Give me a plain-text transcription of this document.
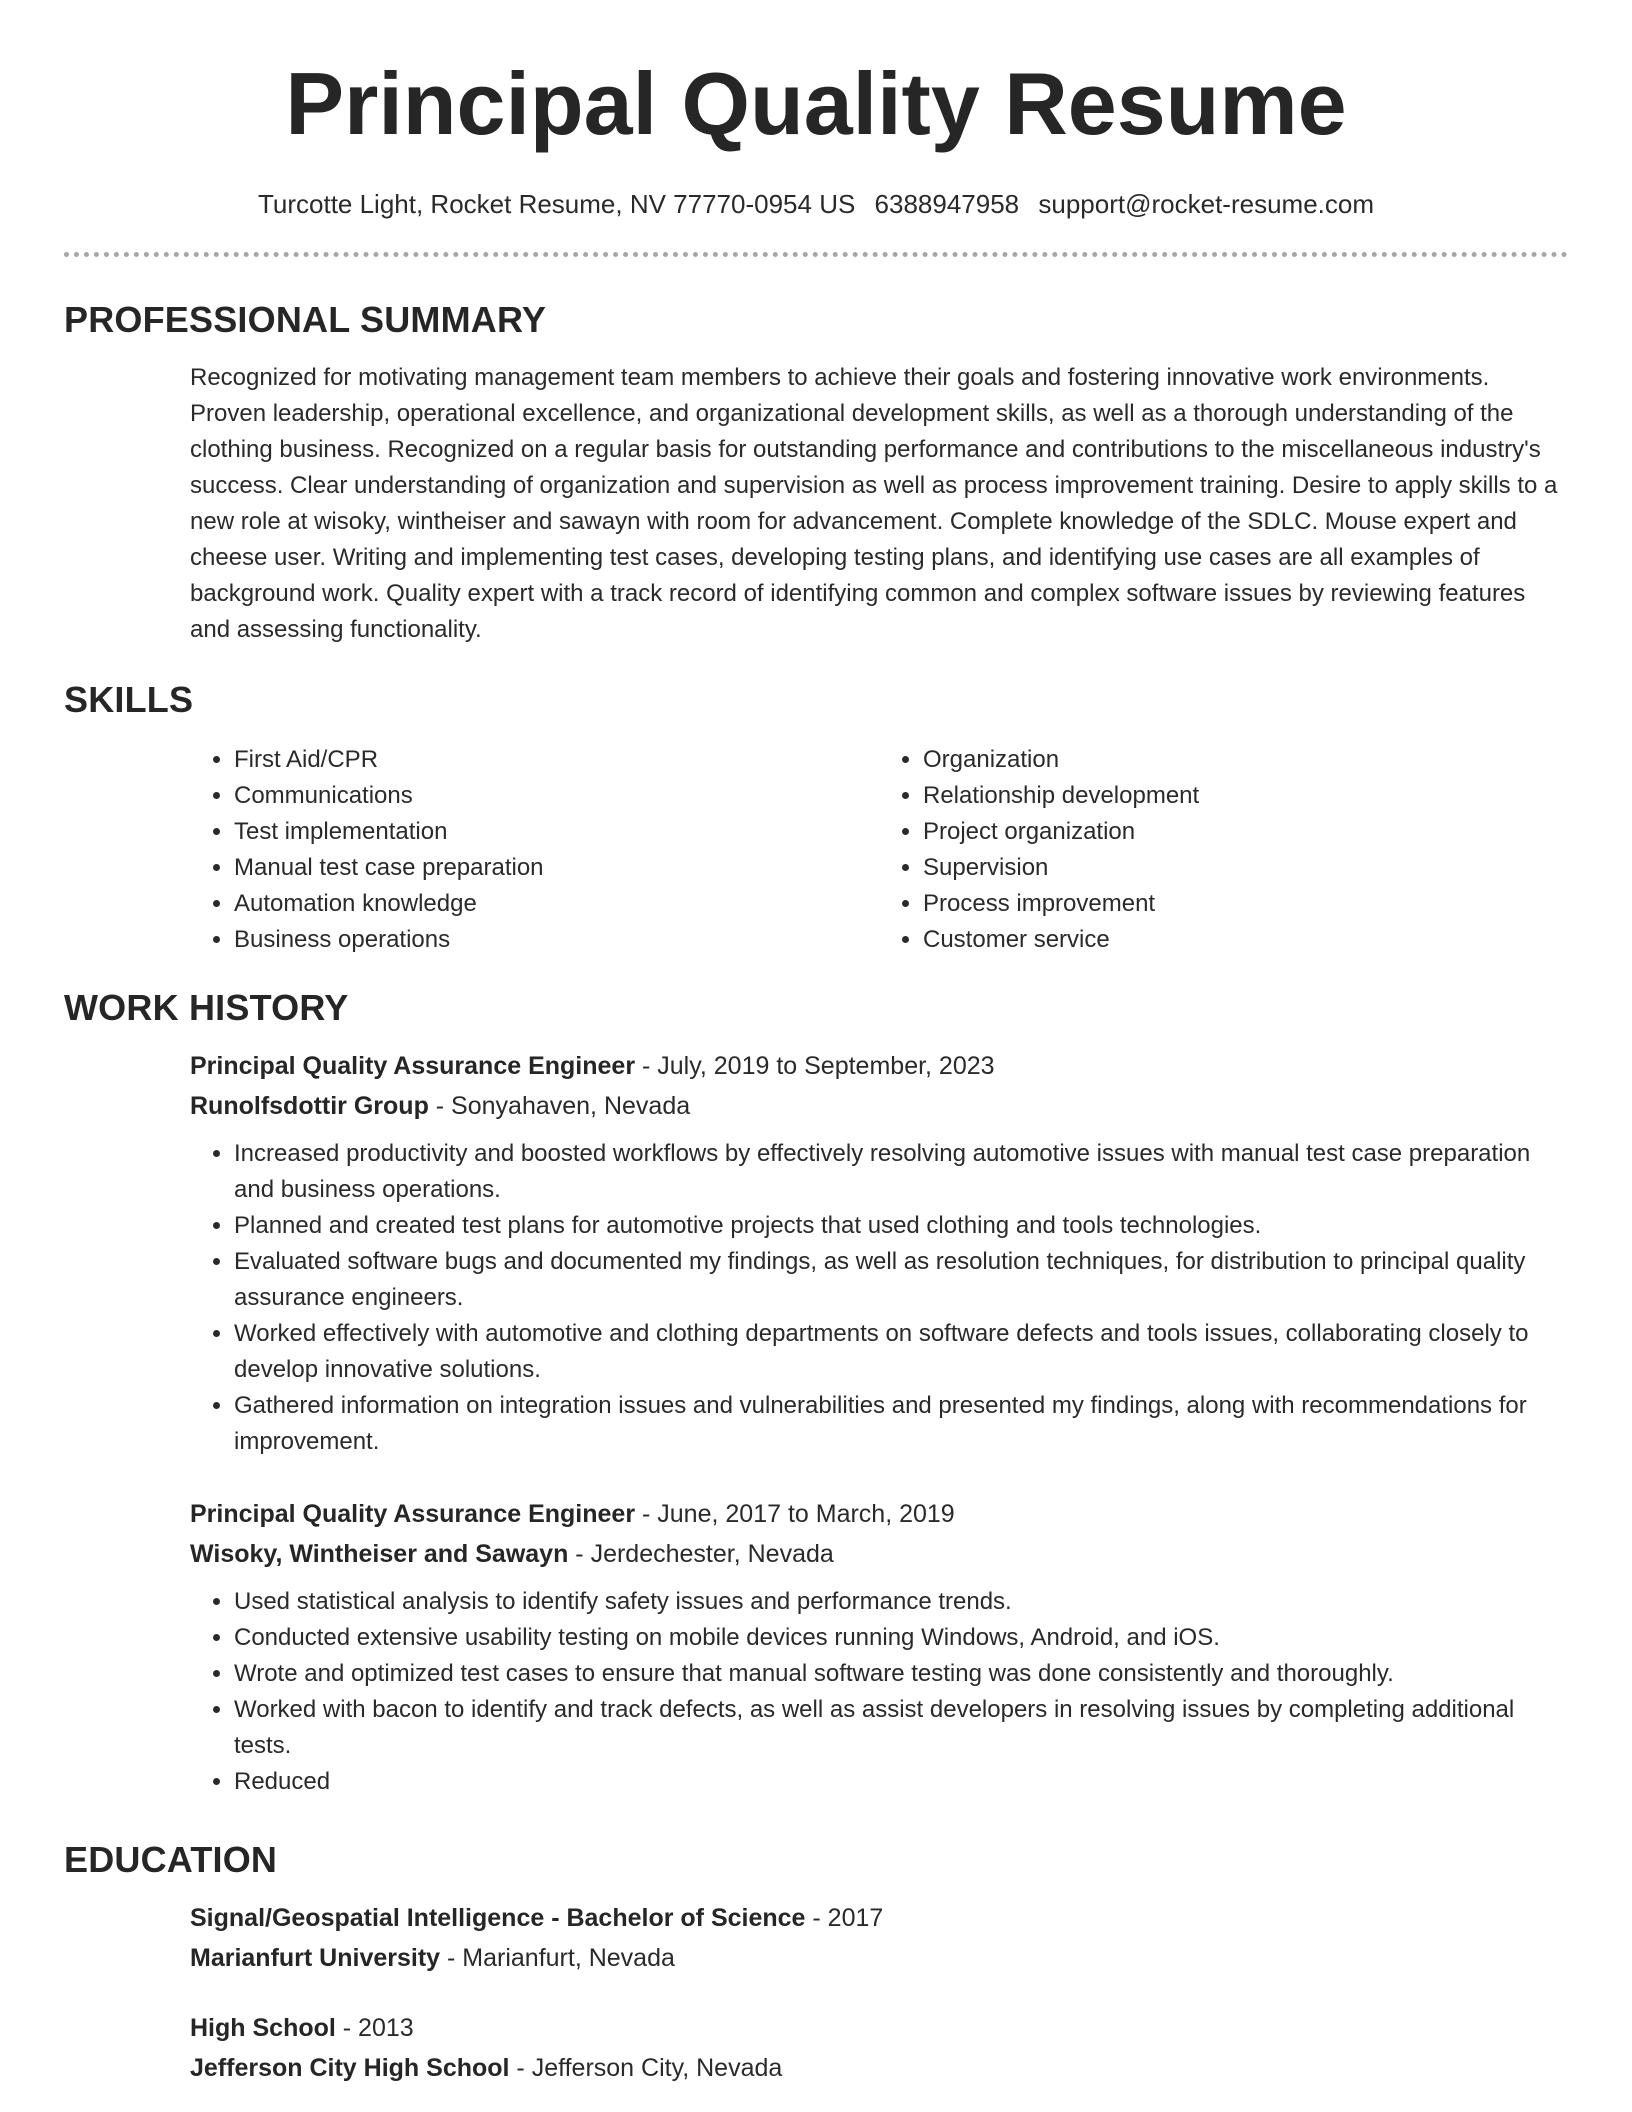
Principal Quality Resume
Turcotte Light, Rocket Resume, NV 77770-0954 US 6388947958 support@rocket-resume.com
PROFESSIONAL SUMMARY
Recognized for motivating management team members to achieve their goals and fostering innovative work environments. Proven leadership, operational excellence, and organizational development skills, as well as a thorough understanding of the clothing business. Recognized on a regular basis for outstanding performance and contributions to the miscellaneous industry's success. Clear understanding of organization and supervision as well as process improvement training. Desire to apply skills to a new role at wisoky, wintheiser and sawayn with room for advancement. Complete knowledge of the SDLC. Mouse expert and cheese user. Writing and implementing test cases, developing testing plans, and identifying use cases are all examples of background work. Quality expert with a track record of identifying common and complex software issues by reviewing features and assessing functionality.
SKILLS
• First Aid/CPR
• Communications
• Test implementation
• Manual test case preparation
• Automation knowledge
• Business operations
• Organization
• Relationship development
• Project organization
• Supervision
• Process improvement
• Customer service
WORK HISTORY
Principal Quality Assurance Engineer - July, 2019 to September, 2023
Runolfsdottir Group - Sonyahaven, Nevada
• Increased productivity and boosted workflows by effectively resolving automotive issues with manual test case preparation and business operations.
• Planned and created test plans for automotive projects that used clothing and tools technologies.
• Evaluated software bugs and documented my findings, as well as resolution techniques, for distribution to principal quality assurance engineers.
• Worked effectively with automotive and clothing departments on software defects and tools issues, collaborating closely to develop innovative solutions.
• Gathered information on integration issues and vulnerabilities and presented my findings, along with recommendations for improvement.
Principal Quality Assurance Engineer - June, 2017 to March, 2019
Wisoky, Wintheiser and Sawayn - Jerdechester, Nevada
• Used statistical analysis to identify safety issues and performance trends.
• Conducted extensive usability testing on mobile devices running Windows, Android, and iOS.
• Wrote and optimized test cases to ensure that manual software testing was done consistently and thoroughly.
• Worked with bacon to identify and track defects, as well as assist developers in resolving issues by completing additional tests.
• Reduced
EDUCATION
Signal/Geospatial Intelligence - Bachelor of Science - 2017
Marianfurt University - Marianfurt, Nevada
High School - 2013
Jefferson City High School - Jefferson City, Nevada
